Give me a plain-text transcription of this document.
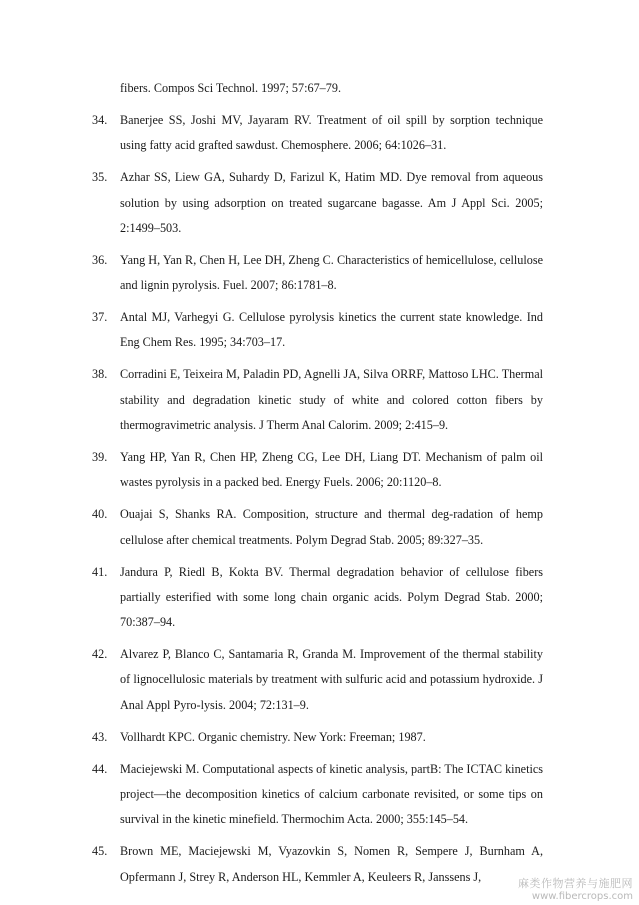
fibers. Compos Sci Technol. 1997; 57:67–79.
34.	Banerjee SS, Joshi MV, Jayaram RV. Treatment of oil spill by sorption technique using fatty acid grafted sawdust. Chemosphere. 2006; 64:1026–31.
35.	Azhar SS, Liew GA, Suhardy D, Farizul K, Hatim MD. Dye removal from aqueous solution by using adsorption on treated sugarcane bagasse. Am J Appl Sci. 2005; 2:1499–503.
36.	Yang H, Yan R, Chen H, Lee DH, Zheng C. Characteristics of hemicellulose, cellulose and lignin pyrolysis. Fuel. 2007; 86:1781–8.
37.	Antal MJ, Varhegyi G. Cellulose pyrolysis kinetics the current state knowledge. Ind Eng Chem Res. 1995; 34:703–17.
38.	Corradini E, Teixeira M, Paladin PD, Agnelli JA, Silva ORRF, Mattoso LHC. Thermal stability and degradation kinetic study of white and colored cotton fibers by thermogravimetric analysis. J Therm Anal Calorim. 2009; 2:415–9.
39.	Yang HP, Yan R, Chen HP, Zheng CG, Lee DH, Liang DT. Mechanism of palm oil wastes pyrolysis in a packed bed. Energy Fuels. 2006; 20:1120–8.
40.	Ouajai S, Shanks RA. Composition, structure and thermal deg-radation of hemp cellulose after chemical treatments. Polym Degrad Stab. 2005; 89:327–35.
41.	Jandura P, Riedl B, Kokta BV. Thermal degradation behavior of cellulose fibers partially esterified with some long chain organic acids. Polym Degrad Stab. 2000; 70:387–94.
42.	Alvarez P, Blanco C, Santamaria R, Granda M. Improvement of the thermal stability of lignocellulosic materials by treatment with sulfuric acid and potassium hydroxide. J Anal Appl Pyro-lysis. 2004; 72:131–9.
43.	Vollhardt KPC. Organic chemistry. New York: Freeman; 1987.
44.	Maciejewski M. Computational aspects of kinetic analysis, partB: The ICTAC kinetics project—the decomposition kinetics of calcium carbonate revisited, or some tips on survival in the kinetic minefield. Thermochim Acta. 2000; 355:145–54.
45.	Brown ME, Maciejewski M, Vyazovkin S, Nomen R, Sempere J, Burnham A, Opfermann J, Strey R, Anderson HL, Kemmler A, Keuleers R, Janssens J,	麻类作物营养与施肥网
www.fibercrops.com
